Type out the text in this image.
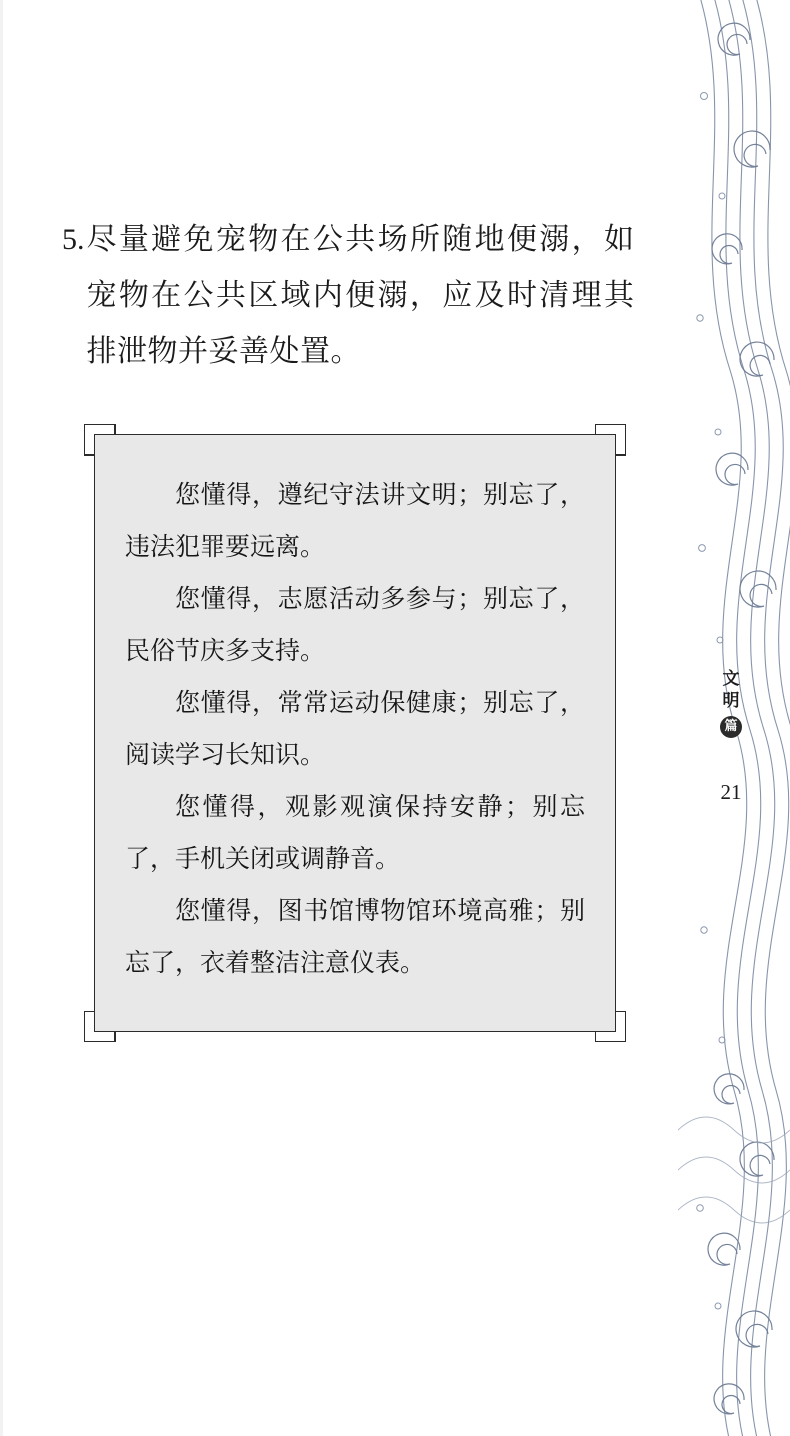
5. 尽量避免宠物在公共场所随地便溺，如宠物在公共区域内便溺，应及时清理其排泄物并妥善处置。

您懂得，遵纪守法讲文明；别忘了，违法犯罪要远离。

您懂得，志愿活动多参与；别忘了，民俗节庆多支持。

您懂得，常常运动保健康；别忘了，阅读学习长知识。

您懂得，观影观演保持安静；别忘了，手机关闭或调静音。

您懂得，图书馆博物馆环境高雅；别忘了，衣着整洁注意仪表。

文
明
篇
21
